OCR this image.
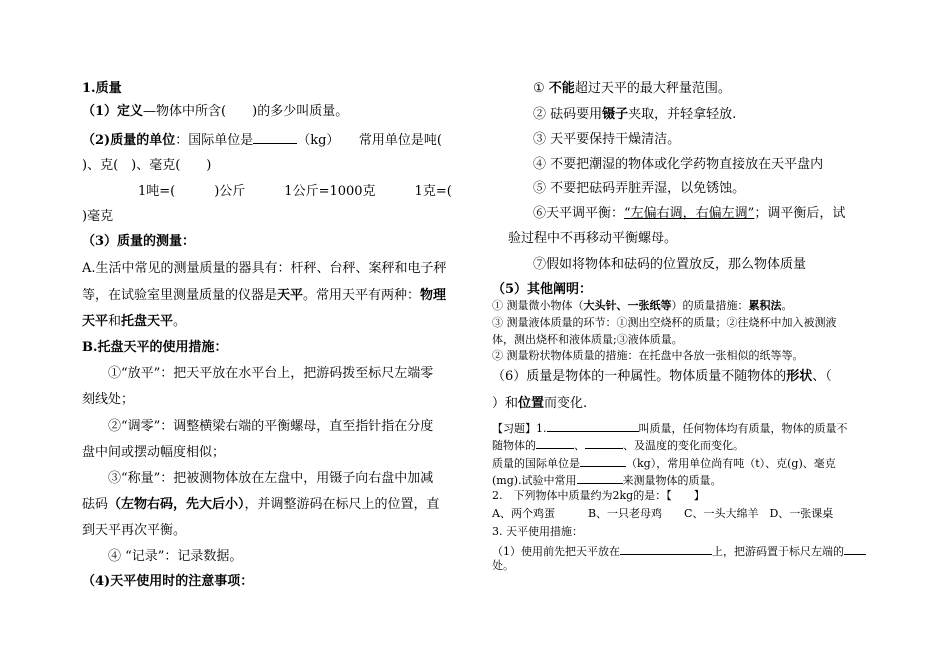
1.质量
（1）定义—物体中所含(　　)的多少叫质量。
（2)质量的单位：国际单位是	（kg）　　常用单位是吨(
)、克(　)、毫克(　　)
1吨=(　　　)公斤　　　1公斤=1000克　　　1克=(
)毫克
（3）质量的测量：
A.生活中常见的测量质量的器具有：杆秤、台秤、案秤和电子秤
等，在试验室里测量质量的仪器是天平。常用天平有两种：物理
天平和托盘天平。
B.托盘天平的使用措施：
①“放平”：把天平放在水平台上，把游码拨至标尺左端零
刻线处；
②“调零”：调整横梁右端的平衡螺母，直至指针指在分度
盘中间或摆动幅度相似；
③“称量”：把被测物体放在左盘中，用镊子向右盘中加减
砝码（左物右码，先大后小），并调整游码在标尺上的位置，直
到天平再次平衡。
④ “记录”：记录数据。
（4)天平使用时的注意事项：
① 不能超过天平的最大秤量范围。
② 砝码要用镊子夹取，并轻拿轻放.
③ 天平要保持干燥清洁。
④ 不要把潮湿的物体或化学药物直接放在天平盘内
⑤ 不要把砝码弄脏弄湿，以免锈蚀。
⑥天平调平衡：“左偏右调，右偏左调”；调平衡后，试
验过程中不再移动平衡螺母。
⑦假如将物体和砝码的位置放反，那么物体质量
（5）其他阐明：
① 测量微小物体（大头针、一张纸等）的质量措施：累积法。
③ 测量液体质量的环节：①测出空烧杯的质量；②往烧杯中加入被测液
体，测出烧杯和液体质量;③液体质量。
② 测量粉状物体质量的措施：在托盘中各放一张相似的纸等等。
（6）质量是物体的一种属性。物体质量不随物体的形状、（
）和位置而变化.
【习题】1.	叫质量，任何物体均有质量，物体的质量不
随物体的	、	、及温度的变化而变化。
质量的国际单位是	（kg），常用单位尚有吨（t）、克(g)、毫克
(mg).试验中常用	来测量物体的质量。
2.　下列物体中质量约为2kg的是：【　　】
A、两个鸡蛋　　　B、一只老母鸡　　C、一头大绵羊　D、一张课桌
3. 天平使用措施：
（1）使用前先把天平放在	上，把游码置于标尺左端的
处。
